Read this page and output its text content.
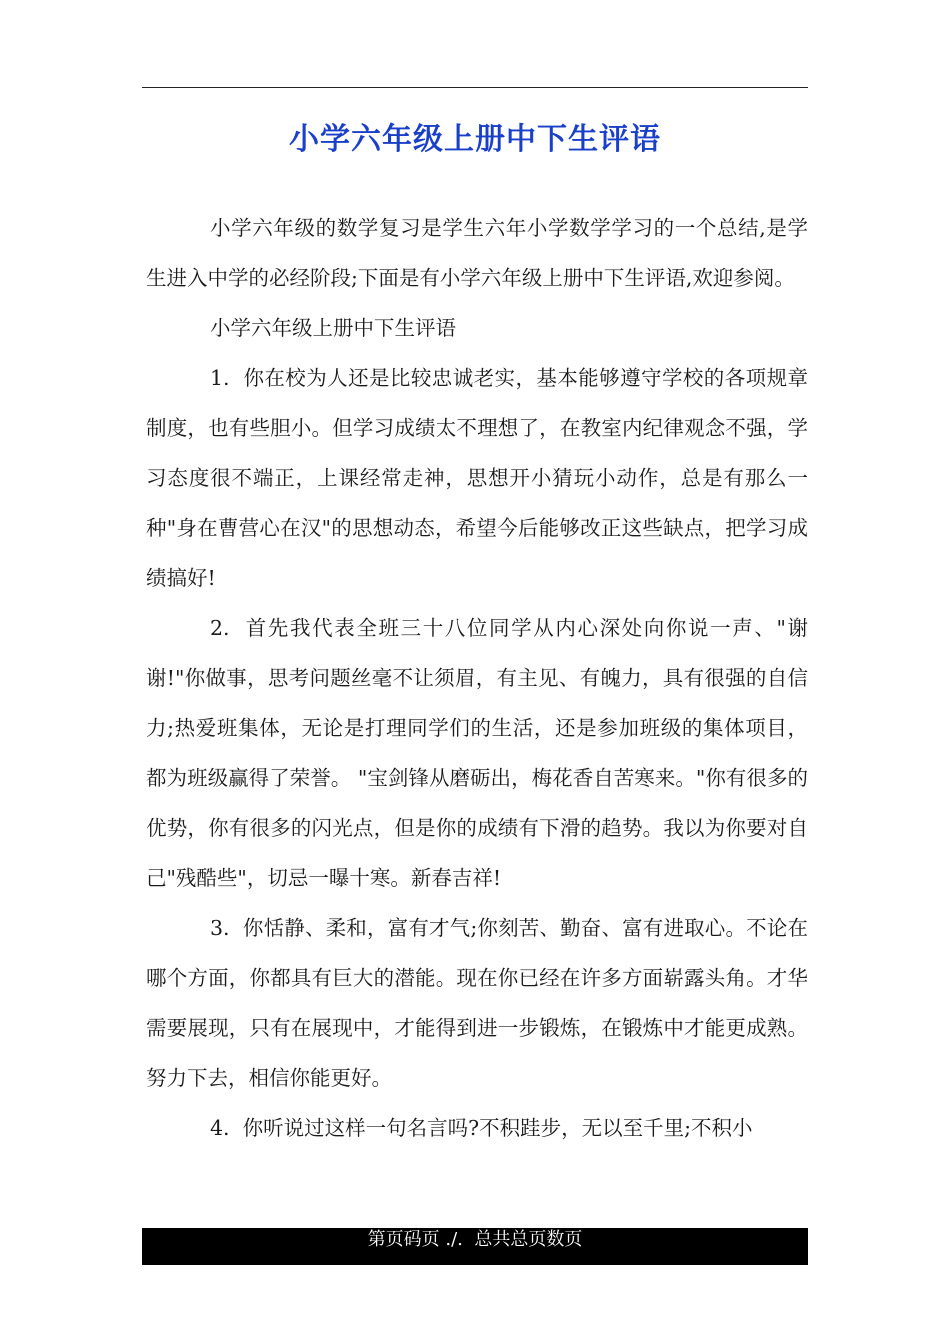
小学六年级上册中下生评语

小学六年级的数学复习是学生六年小学数学学习的一个总结,是学生进入中学的必经阶段;下面是有小学六年级上册中下生评语,欢迎参阅。

小学六年级上册中下生评语

1.  你在校为人还是比较忠诚老实，基本能够遵守学校的各项规章制度，也有些胆小。但学习成绩太不理想了，在教室内纪律观念不强，学习态度很不端正，上课经常走神，思想开小猜玩小动作，总是有那么一种"身在曹营心在汉"的思想动态，希望今后能够改正这些缺点，把学习成绩搞好!

2.  首先我代表全班三十八位同学从内心深处向你说一声、"谢谢!"你做事，思考问题丝毫不让须眉，有主见、有魄力，具有很强的自信力;热爱班集体，无论是打理同学们的生活，还是参加班级的集体项目，都为班级赢得了荣誉。 "宝剑锋从磨砺出，梅花香自苦寒来。"你有很多的优势，你有很多的闪光点，但是你的成绩有下滑的趋势。我以为你要对自己"残酷些"，切忌一曝十寒。新春吉祥!

3.  你恬静、柔和，富有才气;你刻苦、勤奋、富有进取心。不论在哪个方面，你都具有巨大的潜能。现在你已经在许多方面崭露头角。才华需要展现，只有在展现中，才能得到进一步锻炼，在锻炼中才能更成熟。努力下去，相信你能更好。

4.  你听说过这样一句名言吗?不积跬步，无以至千里;不积小

第页码页 ./.  总共总页数页
